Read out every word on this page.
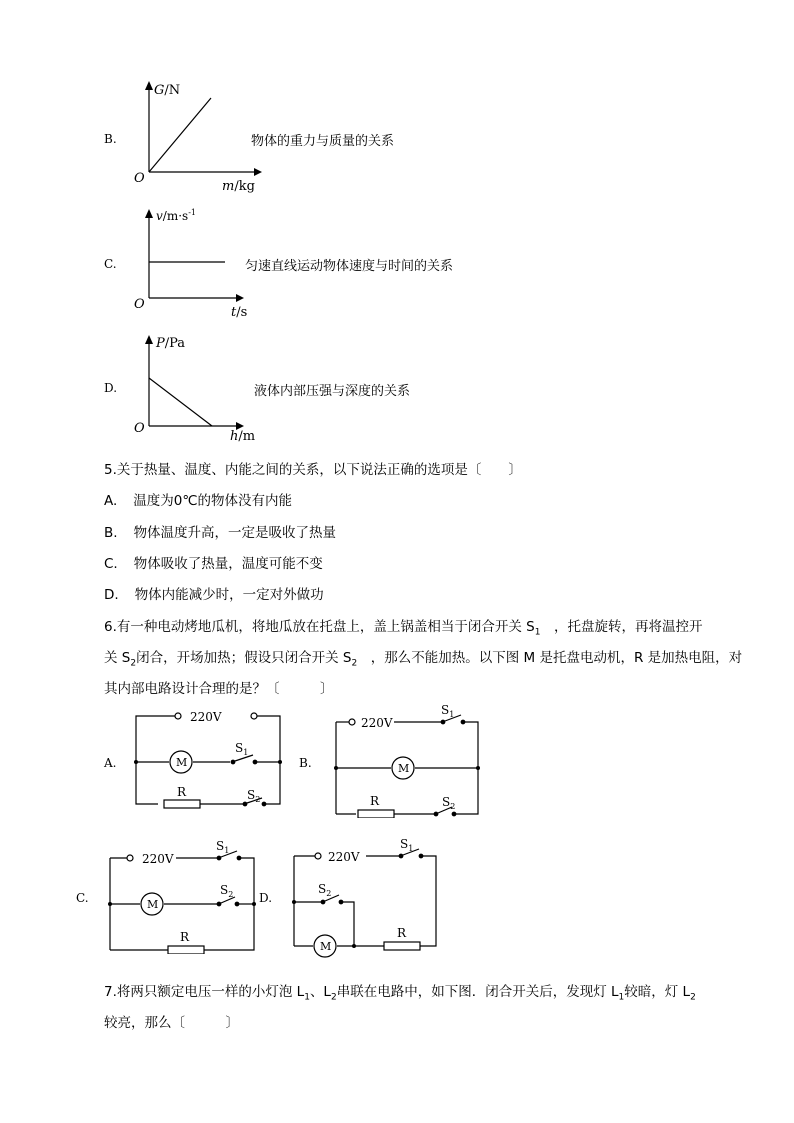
B.
G/N
O
m/kg
物体的重力与质量的关系
C.
$v/m\cdot s^{-1}$
O
t/s
匀速直线运动物体速度与时间的关系
D.
P/Pa
O
h/m
液体内部压强与深度的关系
5.关于热量、温度、内能之间的关系，以下说法正确的选项是〔　　〕
A. 温度为0℃的物体没有内能
B. 物体温度升高，一定是吸收了热量
C. 物体吸收了热量，温度可能不变
D. 物体内能减少时，一定对外做功
6.有一种电动烤地瓜机，将地瓜放在托盘上，盖上锅盖相当于闭合开关 $S_1$　，托盘旋转，再将温控开
关 $S_2$闭合，开场加热；假设只闭合开关 $S_2$　，那么不能加热。以下图 M 是托盘电动机，R 是加热电阻，对
其内部电路设计合理的是？〔　　　〕
A.
220V
M
$S_1$
R	$S_2$
B.
220V
M
$S_1$
R	$S_2$
C.
220V
M
$S_1$
R
$S_2$ D.
220V
M
$S_1$
$S_2$
R
7.将两只额定电压一样的小灯泡 $L_1$、$L_2$串联在电路中，如下图．闭合开关后，发现灯 $L_1$较暗，灯 $L_2$
较亮，那么〔　　　〕
